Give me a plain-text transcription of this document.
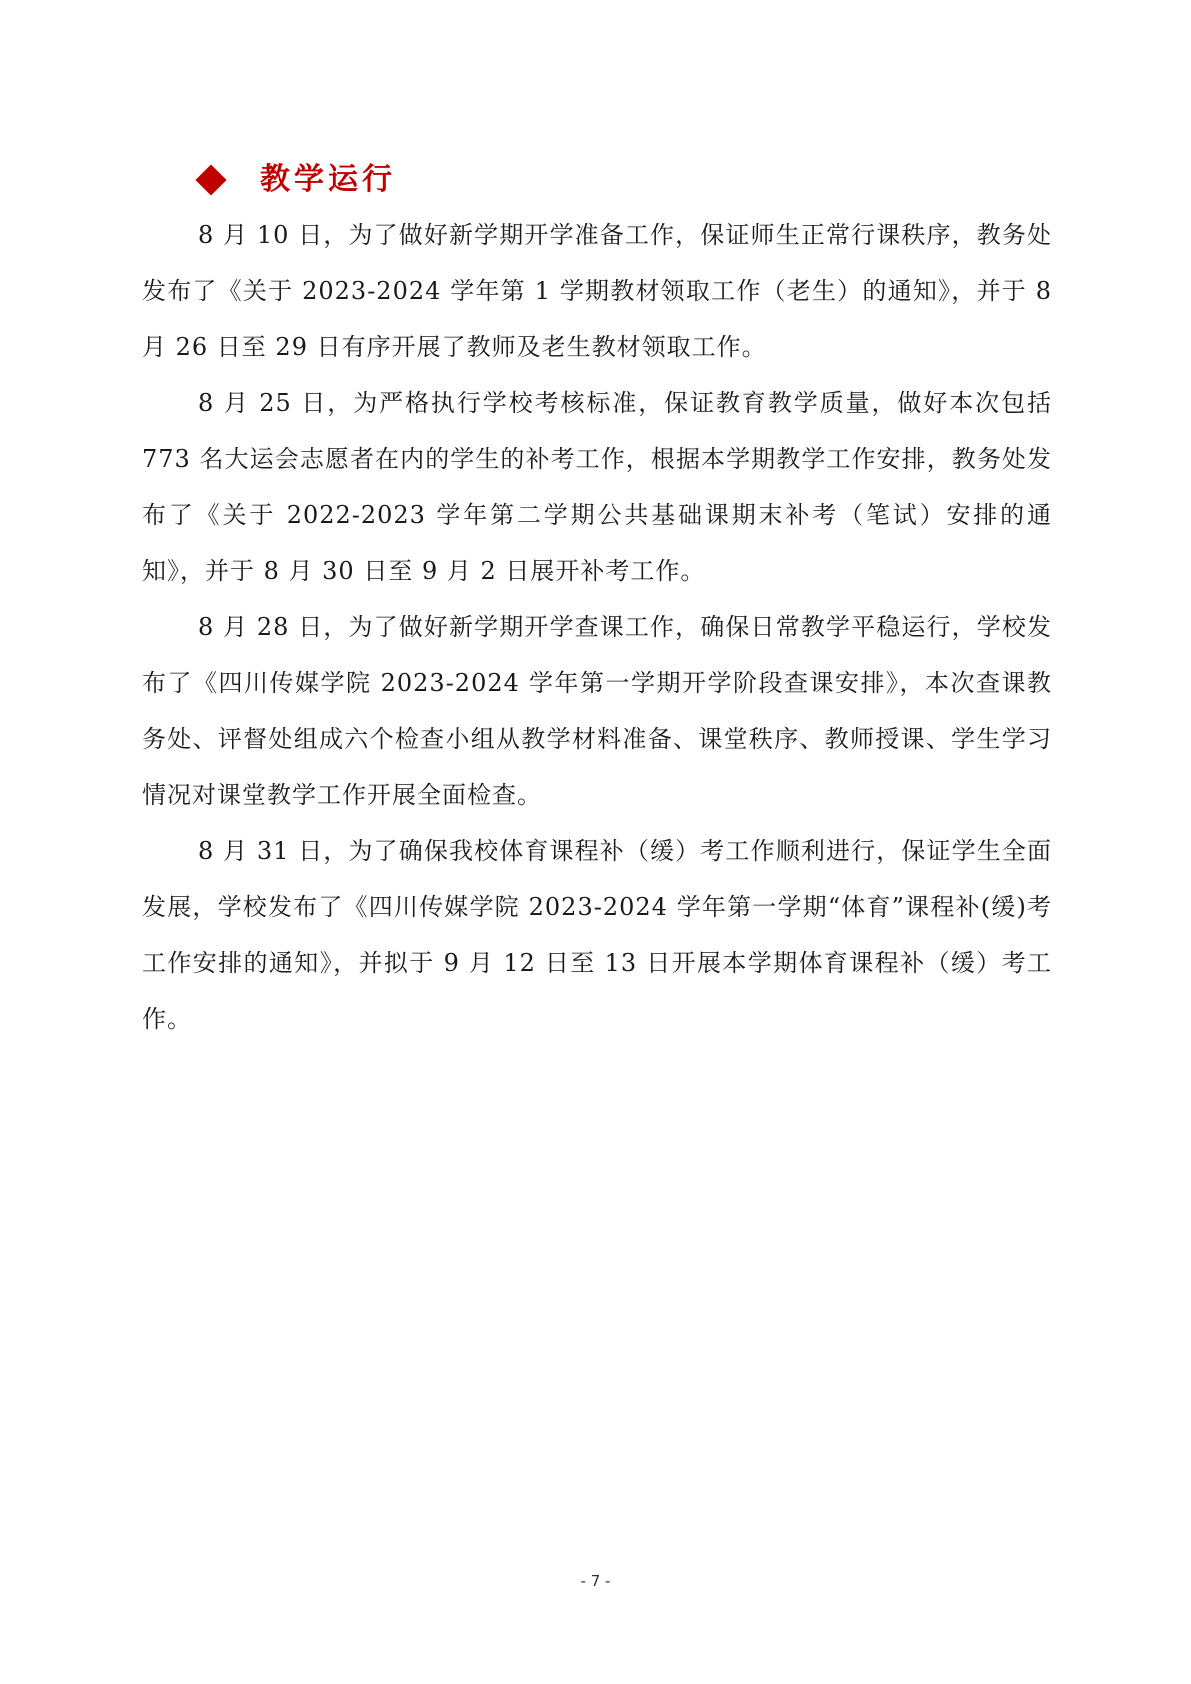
教学运行

8 月 10 日，为了做好新学期开学准备工作，保证师生正常行课秩序，教务处发布了《关于 2023-2024 学年第 1 学期教材领取工作（老生）的通知》，并于 8 月 26 日至 29 日有序开展了教师及老生教材领取工作。

8 月 25 日，为严格执行学校考核标准，保证教育教学质量，做好本次包括 773 名大运会志愿者在内的学生的补考工作，根据本学期教学工作安排，教务处发布了《关于 2022-2023 学年第二学期公共基础课期末补考（笔试）安排的通知》，并于 8 月 30 日至 9 月 2 日展开补考工作。

8 月 28 日，为了做好新学期开学查课工作，确保日常教学平稳运行，学校发布了《四川传媒学院 2023-2024 学年第一学期开学阶段查课安排》，本次查课教务处、评督处组成六个检查小组从教学材料准备、课堂秩序、教师授课、学生学习情况对课堂教学工作开展全面检查。

8 月 31 日，为了确保我校体育课程补（缓）考工作顺利进行，保证学生全面发展，学校发布了《四川传媒学院 2023-2024 学年第一学期“体育”课程补(缓)考工作安排的通知》，并拟于 9 月 12 日至 13 日开展本学期体育课程补（缓）考工作。

- 7 -
